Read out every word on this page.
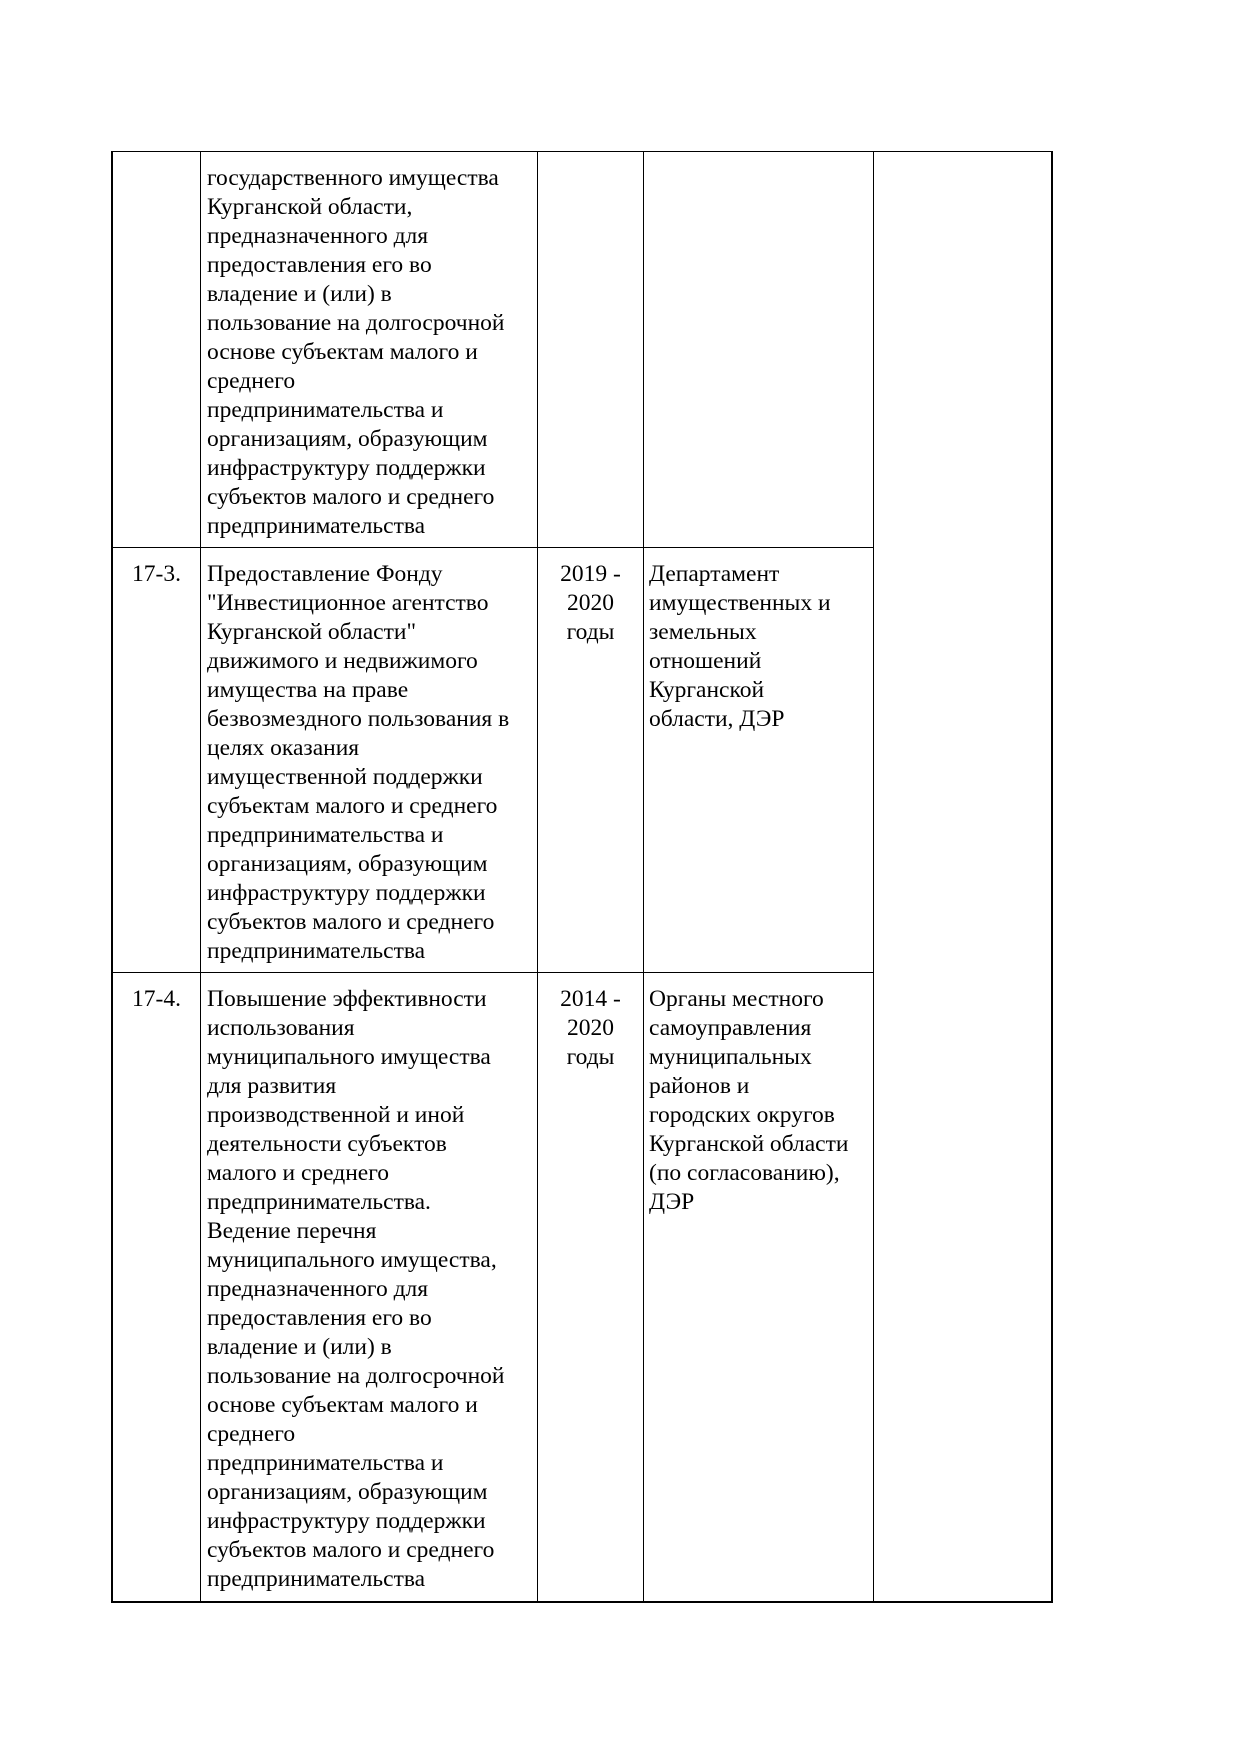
государственного имущества
Курганской области,
предназначенного для
предоставления его во
владение и (или) в
пользование на долгосрочной
основе субъектам малого и
среднего
предпринимательства и
организациям, образующим
инфраструктуру поддержки
субъектов малого и среднего
предпринимательства
17-3.	Предоставление Фонду
"Инвестиционное агентство
Курганской области"
движимого и недвижимого
имущества на праве
безвозмездного пользования в
целях оказания
имущественной поддержки
субъектам малого и среднего
предпринимательства и
организациям, образующим
инфраструктуру поддержки
субъектов малого и среднего
предпринимательства
2019 -
2020
годы
Департамент
имущественных и
земельных
отношений
Курганской
области, ДЭР
17-4.	Повышение эффективности
использования
муниципального имущества
для развития
производственной и иной
деятельности субъектов
малого и среднего
предпринимательства.
Ведение перечня
муниципального имущества,
предназначенного для
предоставления его во
владение и (или) в
пользование на долгосрочной
основе субъектам малого и
среднего
предпринимательства и
организациям, образующим
инфраструктуру поддержки
субъектов малого и среднего
предпринимательства
2014 -
2020
годы
Органы местного
самоуправления
муниципальных
районов и
городских округов
Курганской области
(по согласованию),
ДЭР
